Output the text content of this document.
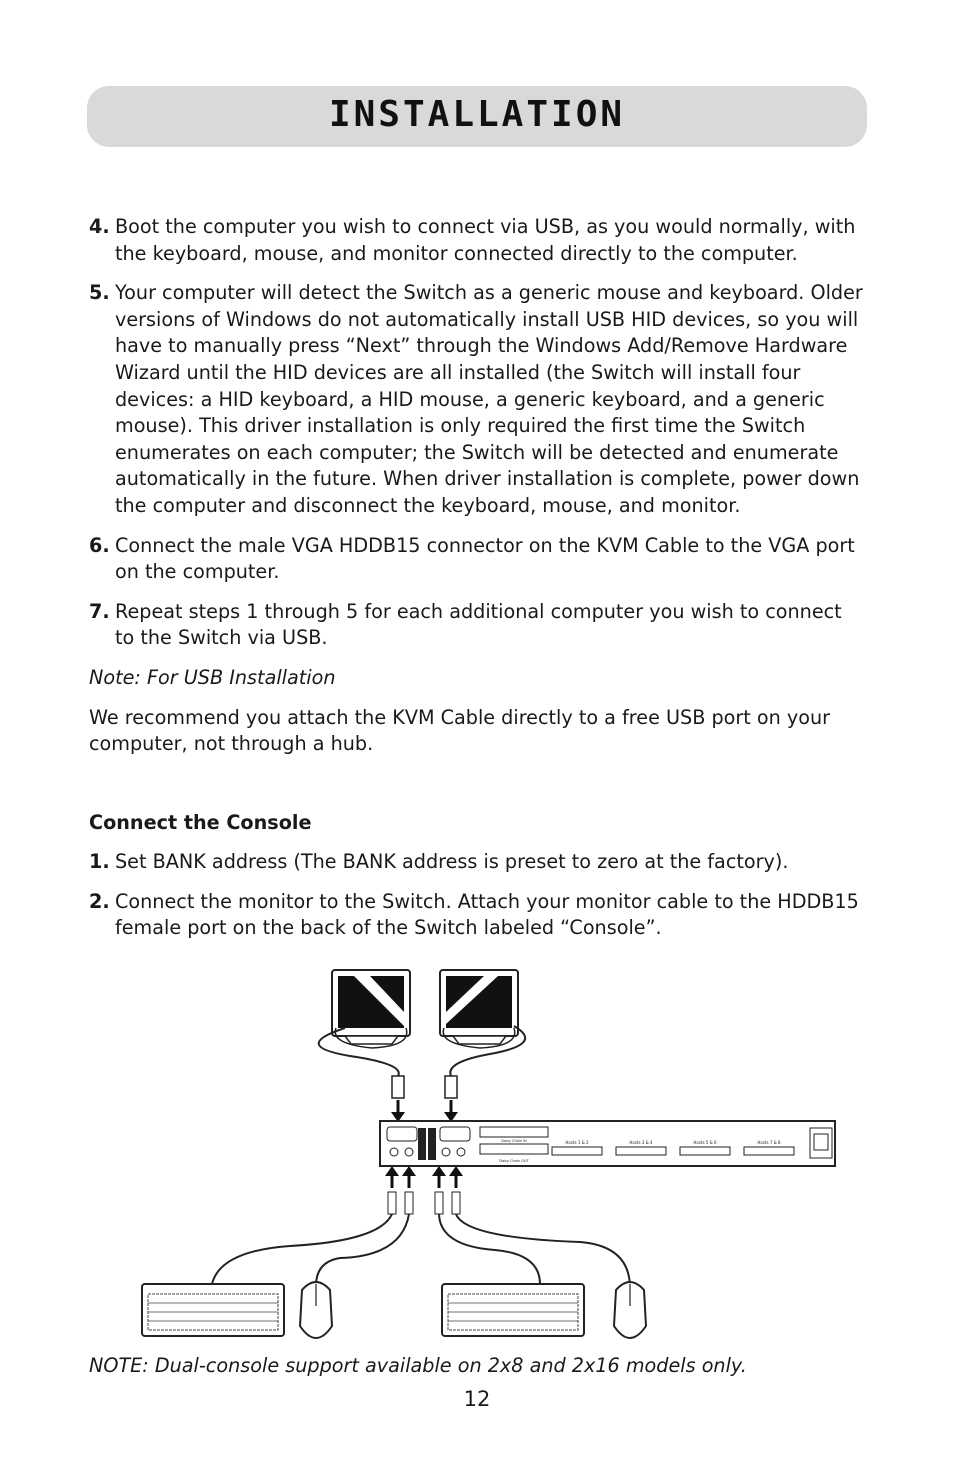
INSTALLATION
4. Boot the computer you wish to connect via USB, as you would normally, with the keyboard, mouse, and monitor connected directly to the computer.
5. Your computer will detect the Switch as a generic mouse and keyboard. Older versions of Windows do not automatically install USB HID devices, so you will have to manually press “Next” through the Windows Add/Remove Hardware Wizard until the HID devices are all installed (the Switch will install four devices: a HID keyboard, a HID mouse, a generic keyboard, and a generic mouse). This driver installation is only required the first time the Switch enumerates on each computer; the Switch will be detected and enumerate automatically in the future. When driver installation is complete, power down the computer and disconnect the keyboard, mouse, and monitor.
6. Connect the male VGA HDDB15 connector on the KVM Cable to the VGA port on the computer.
7. Repeat steps 1 through 5 for each additional computer you wish to connect to the Switch via USB.
Note: For USB Installation
We recommend you attach the KVM Cable directly to a free USB port on your computer, not through a hub.
Connect the Console
1. Set BANK address (The BANK address is preset to zero at the factory).
2. Connect the monitor to the Switch. Attach your monitor cable to the HDDB15 female port on the back of the Switch labeled “Console”.
Daisy Chain IN
Daisy Chain OUT
Hosts 1 & 2	Hosts 3 & 4	Hosts 5 & 6	Hosts 7 & 8
NOTE: Dual-console support available on 2x8 and 2x16 models only.
12
